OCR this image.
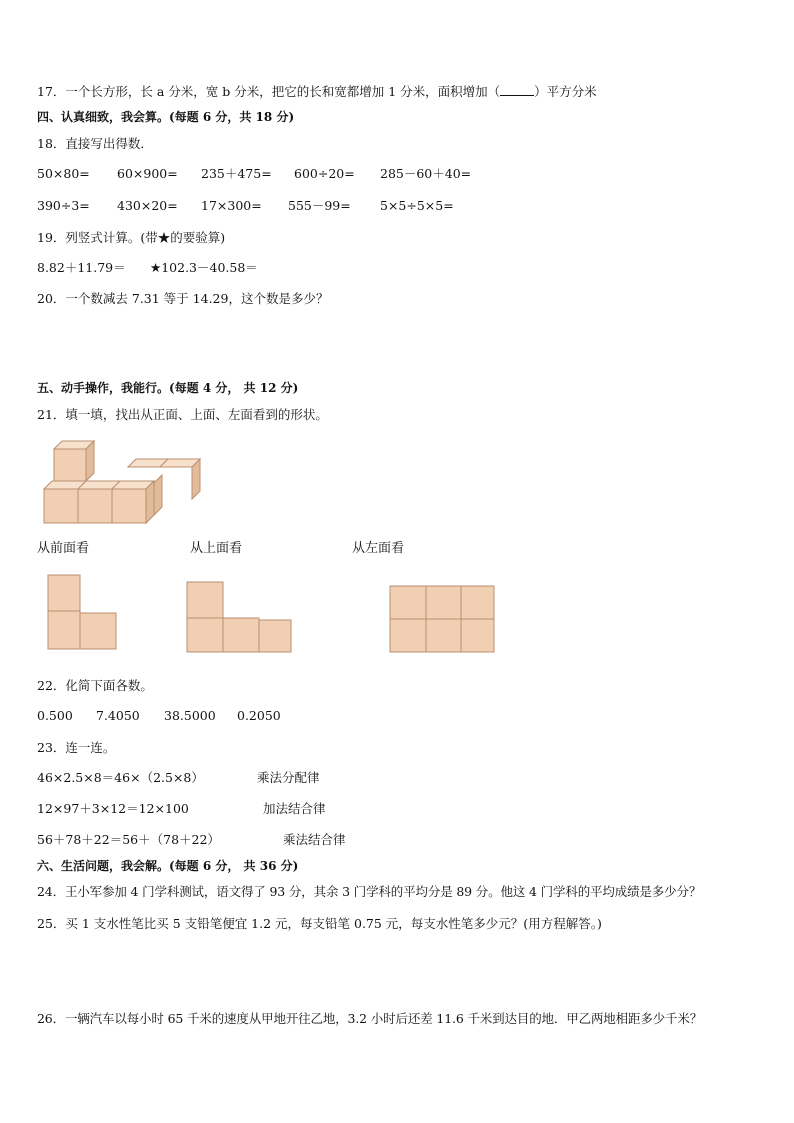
17．一个长方形，长 a 分米，宽 b 分米，把它的长和宽都增加 1 分米，面积增加（	）平方分米
四、认真细致，我会算。(每题 6 分，共 18 分)
18．直接写出得数．
50×80= 60×900= 235＋475= 600÷20= 285－60＋40=
390÷3= 430×20= 17×300= 555－99= 5×5÷5×5=
19．列竖式计算。(带★的要验算)
8.82＋11.79＝ ★102.3－40.58＝
20．一个数减去 7.31 等于 14.29，这个数是多少？
五、动手操作，我能行。(每题 4 分， 共 12 分)
21．填一填，找出从正面、上面、左面看到的形状。
从前面看	从上面看	从左面看
22．化简下面各数。
0.500 7.4050 38.5000 0.2050
23．连一连。
46×2.5×8＝46×（2.5×8）
12×97＋3×12＝12×100
56＋78＋22＝56＋（78＋22）
乘法分配律
加法结合律
乘法结合律
六、生活问题，我会解。(每题 6 分， 共 36 分)
24．王小军参加 4 门学科测试，语文得了 93 分，其余 3 门学科的平均分是 89 分。他这 4 门学科的平均成绩是多少分？
25．买 1 支水性笔比买 5 支铅笔便宜 1.2 元，每支铅笔 0.75 元，每支水性笔多少元？(用方程解答。)
26．一辆汽车以每小时 65 千米的速度从甲地开往乙地，3.2 小时后还差 11.6 千米到达目的地．甲乙两地相距多少千米？
